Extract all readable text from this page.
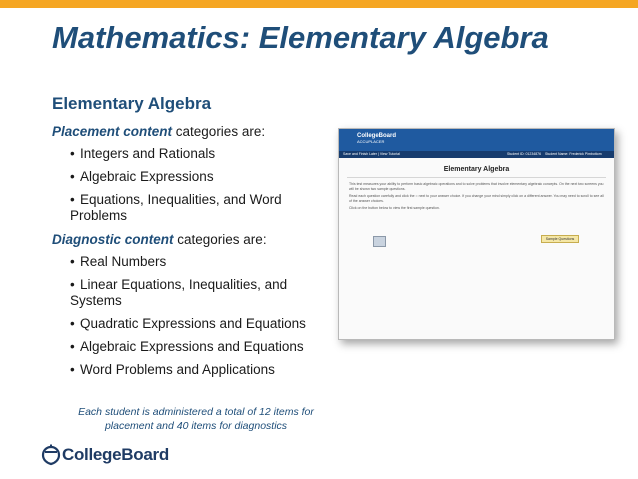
Mathematics: Elementary Algebra
Elementary Algebra
Placement content categories are:
• Integers and Rationals
• Algebraic Expressions
• Equations, Inequalities, and Word Problems
Diagnostic content categories are:
• Real Numbers
• Linear Equations, Inequalities, and Systems
• Quadratic Expressions and Equations
• Algebraic Expressions and Equations
• Word Problems and Applications
Each student is administered a total of 12 items for placement and 40 items for diagnostics
CollegeBoard
CollegeBoard
ACCUPLACER
Save and Finish Later | View Tutorial	Student ID: 01234876 Student Name: Frederick Pimbottom
Elementary Algebra
This test measures your ability to perform basic algebraic operations and to solve problems that involve elementary algebraic concepts. On the next two screens you will be shown two sample questions.
Read each question carefully and click the ○ next to your answer choice. If you change your mind simply click on a different answer. You may need to scroll to see all of the answer choices.
Click on the button below to view the first sample question.
Sample Questions
